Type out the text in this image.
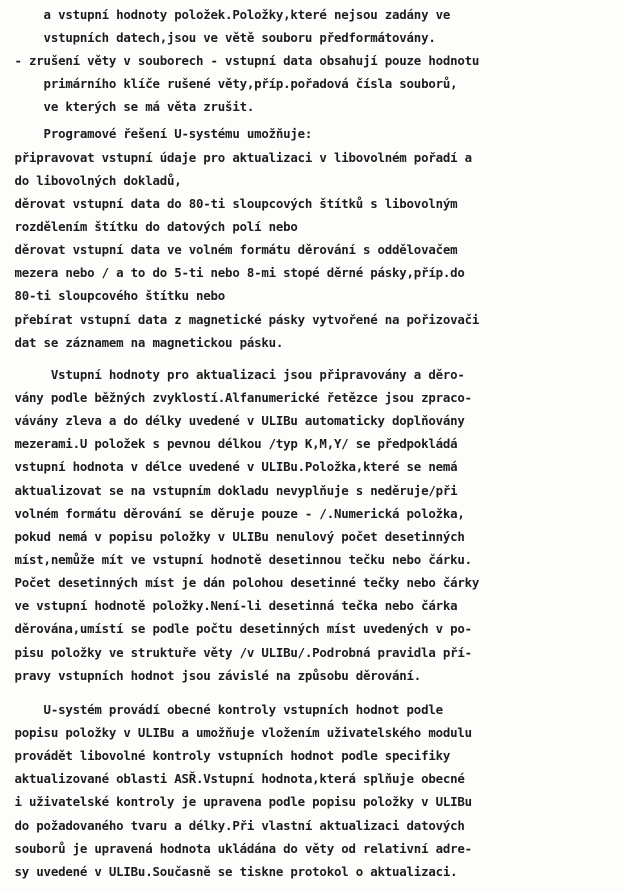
a vstupní hodnoty položek.Položky,které nejsou zadány ve
vstupních datech,jsou ve větě souboru předformátovány.
- zrušení věty v souborech - vstupní data obsahují pouze hodnotu
primárního klíče rušené věty,příp.pořadová čísla souborů,
ve kterých se má věta zrušit.
Programové řešení U-systému umožňuje:
připravovat vstupní údaje pro aktualizaci v libovolném pořadí a
do libovolných dokladů,
děrovat vstupní data do 80-ti sloupcových štítků s libovolným
rozdělením štítku do datových polí nebo
děrovat vstupní data ve volném formátu děrování s oddělovačem
mezera nebo / a to do 5-ti nebo 8-mi stopé děrné pásky,příp.do
80-ti sloupcového štítku nebo
přebírat vstupní data z magnetické pásky vytvořené na pořizovači
dat se záznamem na magnetickou pásku.
Vstupní hodnoty pro aktualizaci jsou připravovány a děro-
vány podle běžných zvyklostí.Alfanumerické řetězce jsou zpraco-
vávány zleva a do délky uvedené v ULIBu automaticky doplňovány
mezerami.U položek s pevnou délkou /typ K,M,Y/ se předpokládá
vstupní hodnota v délce uvedené v ULIBu.Položka,které se nemá
aktualizovat se na vstupním dokladu nevyplňuje s neděruje/při
volném formátu děrování se děruje pouze - /.Numerická položka,
pokud nemá v popisu položky v ULIBu nenulový počet desetinných
míst,nemůže mít ve vstupní hodnotě desetinnou tečku nebo čárku.
Počet desetinných míst je dán polohou desetinné tečky nebo čárky
ve vstupní hodnotě položky.Není-li desetinná tečka nebo čárka
děrována,umístí se podle počtu desetinných míst uvedených v po-
pisu položky ve struktuře věty /v ULIBu/.Podrobná pravidla pří-
pravy vstupních hodnot jsou závislé na způsobu děrování.
U-systém provádí obecné kontroly vstupních hodnot podle
popisu položky v ULIBu a umožňuje vložením uživatelského modulu
provádět libovolné kontroly vstupních hodnot podle specifiky
aktualizované oblasti ASŘ.Vstupní hodnota,která splňuje obecné
i uživatelské kontroly je upravena podle popisu položky v ULIBu
do požadovaného tvaru a délky.Při vlastní aktualizaci datových
souborů je upravená hodnota ukládána do věty od relativní adre-
sy uvedené v ULIBu.Současně se tiskne protokol o aktualizaci.
